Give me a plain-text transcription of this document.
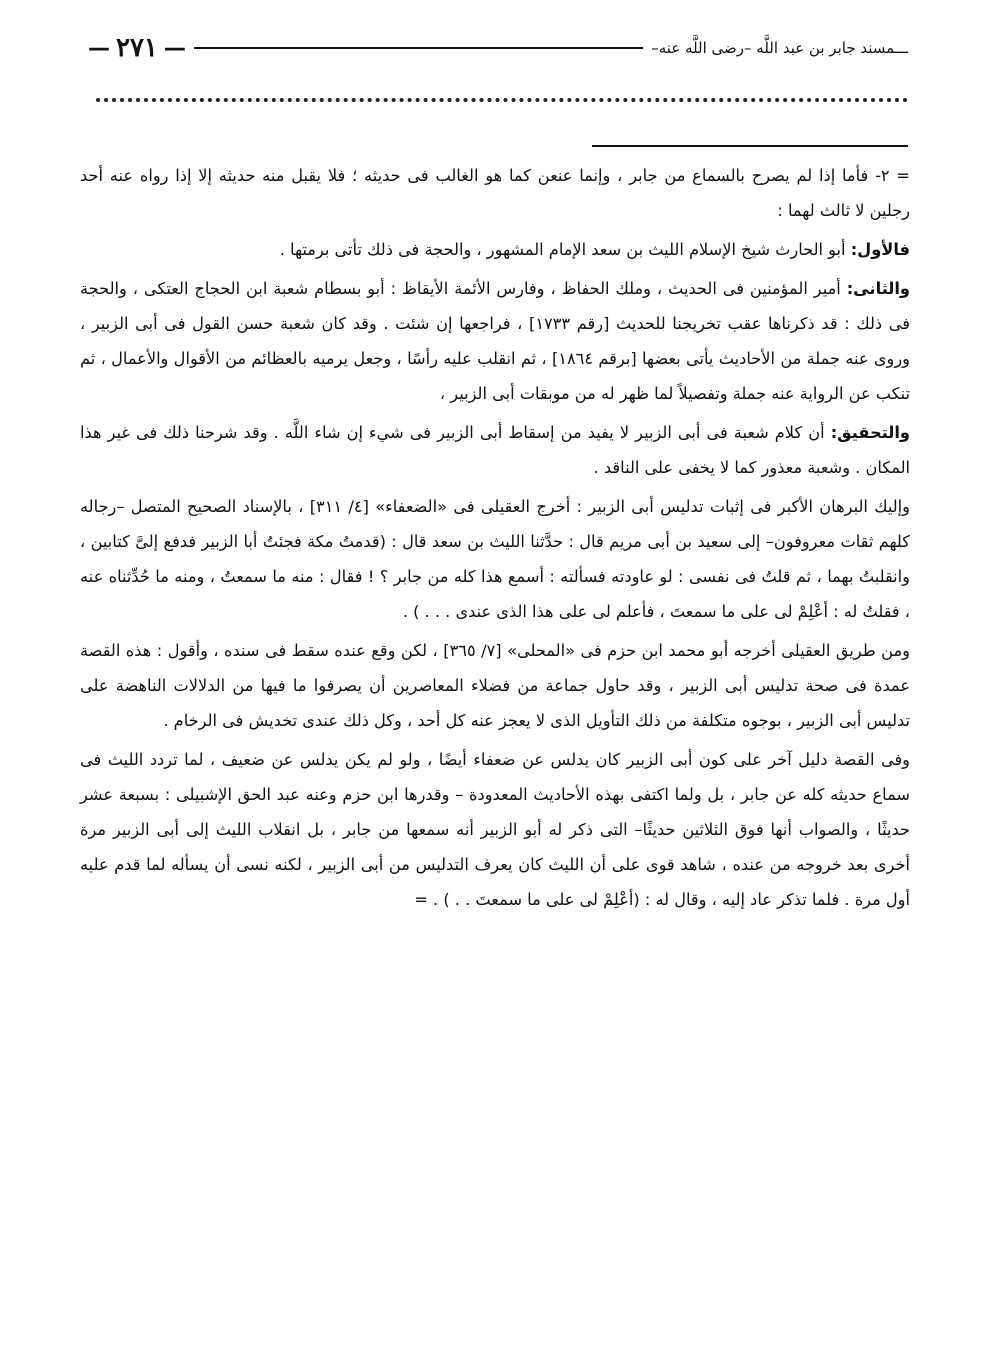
— ٢٧١ —	ـــمسند جابر بن عبد اللَّه –رضى اللَّه عنه–

= ٢- فأما إذا لم يصرح بالسماع من جابر ، وإنما عنعن كما هو الغالب فى حديثه ؛ فلا يقبل منه حديثه إلا إذا رواه عنه أحد رجلين لا ثالث لهما :

فالأول: أبو الحارث شيخ الإسلام الليث بن سعد الإمام المشهور ، والحجة فى ذلك تأتى برمتها .

والثانى: أمير المؤمنين فى الحديث ، وملك الحفاظ ، وفارس الأئمة الأيقاظ : أبو بسطام شعبة ابن الحجاج العتكى ، والحجة فى ذلك : قد ذكرناها عقب تخريجنا للحديث [رقم ١٧٣٣] ، فراجعها إن شئت . وقد كان شعبة حسن القول فى أبى الزبير ، وروى عنه جملة من الأحاديث يأتى بعضها [برقم ١٨٦٤] ، ثم انقلب عليه رأسًا ، وجعل يرميه بالعظائم من الأقوال والأعمال ، ثم تنكب عن الرواية عنه جملة وتفصيلاً لما ظهر له من موبقات أبى الزبير ،

والتحقيق: أن كلام شعبة فى أبى الزبير لا يفيد من إسقاط أبى الزبير فى شيء إن شاء اللَّه . وقد شرحنا ذلك فى غير هذا المكان . وشعبة معذور كما لا يخفى على الناقد .

وإليك البرهان الأكبر فى إثبات تدليس أبى الزبير : أخرج العقيلى فى «الضعفاء» [٤/ ٣١١] ، بالإسناد الصحيح المتصل –رجاله كلهم ثقات معروفون– إلى سعيد بن أبى مريم قال : حدَّثنا الليث بن سعد قال : (قدمتُ مكة فجئتُ أبا الزبير فدفع إلىَّ كتابين ، وانقلبتُ بهما ، ثم قلتُ فى نفسى : لو عاودته فسألته : أسمع هذا كله من جابر ؟ ! فقال : منه ما سمعتُ ، ومنه ما حُدِّثناه عنه ، فقلتُ له : أعْلِمْ لى على ما سمعتَ ، فأعلم لى على هذا الذى عندى . . . ) .

ومن طريق العقيلى أخرجه أبو محمد ابن حزم فى «المحلى» [٧/ ٣٦٥] ، لكن وقع عنده سقط فى سنده ، وأقول : هذه القصة عمدة فى صحة تدليس أبى الزبير ، وقد حاول جماعة من فضلاء المعاصرين أن يصرفوا ما فيها من الدلالات الناهضة على تدليس أبى الزبير ، بوجوه متكلفة من ذلك التأويل الذى لا يعجز عنه كل أحد ، وكل ذلك عندى تخديش فى الرخام .

وفى القصة دليل آخر على كون أبى الزبير كان يدلس عن ضعفاء أيضًا ، ولو لم يكن يدلس عن ضعيف ، لما تردد الليث فى سماع حديثه كله عن جابر ، بل ولما اكتفى بهذه الأحاديث المعدودة – وقدرها ابن حزم وعنه عبد الحق الإشبيلى : بسبعة عشر حديثًا ، والصواب أنها فوق الثلاثين حديثًا– التى ذكر له أبو الزبير أنه سمعها من جابر ، بل انقلاب الليث إلى أبى الزبير مرة أخرى بعد خروجه من عنده ، شاهد قوى على أن الليث كان يعرف التدليس من أبى الزبير ، لكنه نسى أن يسأله لما قدم عليه أول مرة . فلما تذكر عاد إليه ، وقال له : (أعْلِمْ لى على ما سمعتَ . . ) . =
